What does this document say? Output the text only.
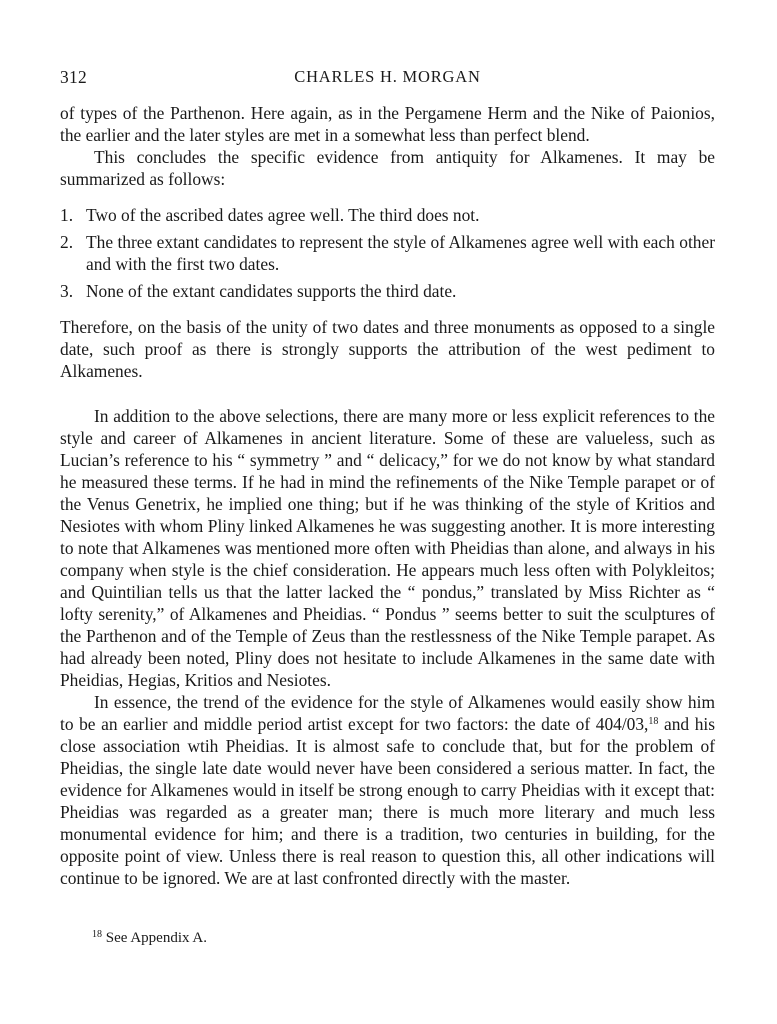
312	CHARLES H. MORGAN

of types of the Parthenon. Here again, as in the Pergamene Herm and the Nike of Paionios, the earlier and the later styles are met in a somewhat less than perfect blend.

This concludes the specific evidence from antiquity for Alkamenes. It may be summarized as follows:

1. Two of the ascribed dates agree well. The third does not.
2. The three extant candidates to represent the style of Alkamenes agree well with each other and with the first two dates.
3. None of the extant candidates supports the third date.

Therefore, on the basis of the unity of two dates and three monuments as opposed to a single date, such proof as there is strongly supports the attribution of the west pediment to Alkamenes.

In addition to the above selections, there are many more or less explicit references to the style and career of Alkamenes in ancient literature. Some of these are valueless, such as Lucian’s reference to his “ symmetry ” and “ delicacy,” for we do not know by what standard he measured these terms. If he had in mind the refinements of the Nike Temple parapet or of the Venus Genetrix, he implied one thing; but if he was thinking of the style of Kritios and Nesiotes with whom Pliny linked Alkamenes he was suggesting another. It is more interesting to note that Alkamenes was mentioned more often with Pheidias than alone, and always in his company when style is the chief consideration. He appears much less often with Polykleitos; and Quintilian tells us that the latter lacked the “ pondus,” translated by Miss Richter as “ lofty serenity,” of Alkamenes and Pheidias. “ Pondus ” seems better to suit the sculptures of the Parthenon and of the Temple of Zeus than the restlessness of the Nike Temple parapet. As had already been noted, Pliny does not hesitate to include Alkamenes in the same date with Pheidias, Hegias, Kritios and Nesiotes.

In essence, the trend of the evidence for the style of Alkamenes would easily show him to be an earlier and middle period artist except for two factors: the date of 404/03,18 and his close association wtih Pheidias. It is almost safe to conclude that, but for the problem of Pheidias, the single late date would never have been considered a serious matter. In fact, the evidence for Alkamenes would in itself be strong enough to carry Pheidias with it except that: Pheidias was regarded as a greater man; there is much more literary and much less monumental evidence for him; and there is a tradition, two centuries in building, for the opposite point of view. Unless there is real reason to question this, all other indications will continue to be ignored. We are at last confronted directly with the master.

$^{18}$ See Appendix A.
